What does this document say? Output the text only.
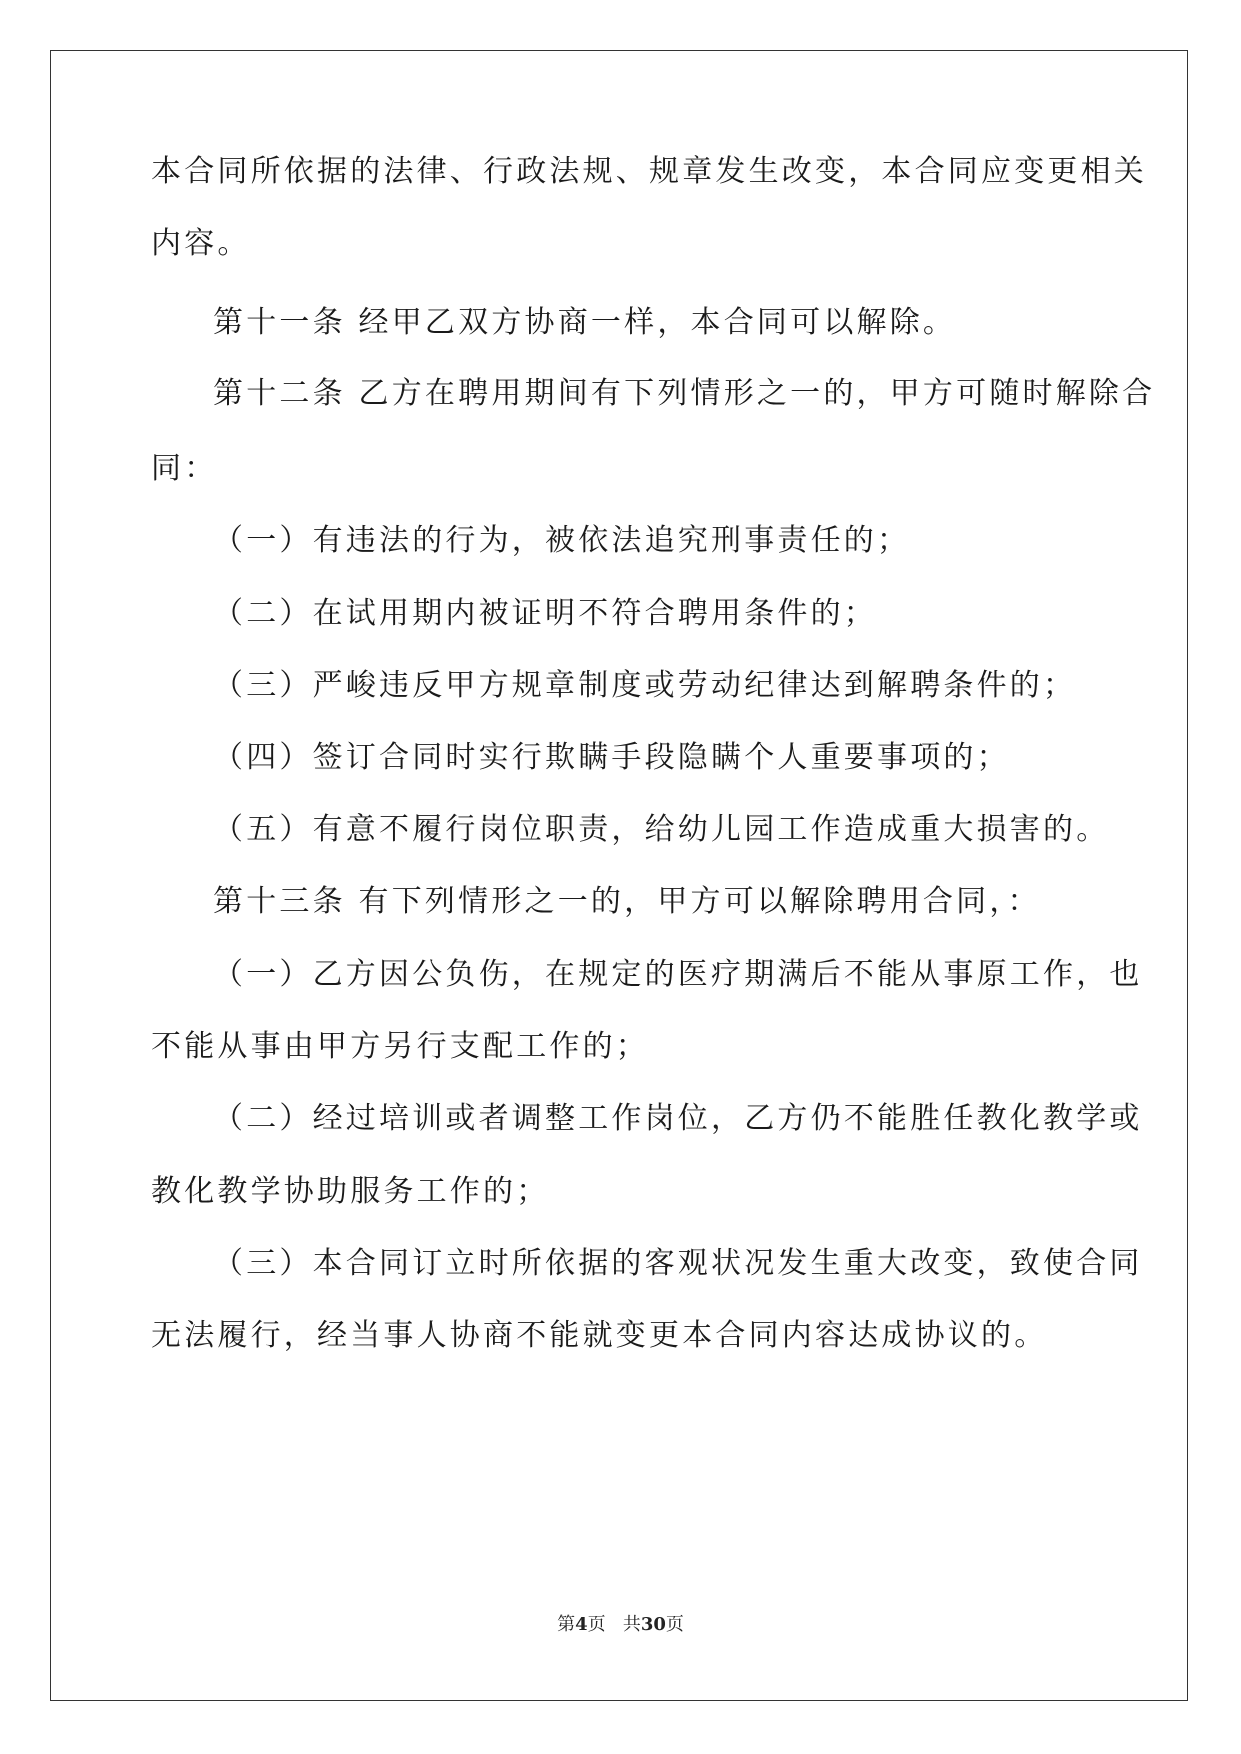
本合同所依据的法律、行政法规、规章发生改变，本合同应变更相关
内容。
第十一条 经甲乙双方协商一样，本合同可以解除。
第十二条 乙方在聘用期间有下列情形之一的，甲方可随时解除合
同：
（一）有违法的行为，被依法追究刑事责任的；
（二）在试用期内被证明不符合聘用条件的；
（三）严峻违反甲方规章制度或劳动纪律达到解聘条件的；
（四）签订合同时实行欺瞒手段隐瞒个人重要事项的；
（五）有意不履行岗位职责，给幼儿园工作造成重大损害的。
第十三条 有下列情形之一的，甲方可以解除聘用合同，：
（一）乙方因公负伤，在规定的医疗期满后不能从事原工作，也
不能从事由甲方另行支配工作的；
（二）经过培训或者调整工作岗位，乙方仍不能胜任教化教学或
教化教学协助服务工作的；
（三）本合同订立时所依据的客观状况发生重大改变，致使合同
无法履行，经当事人协商不能就变更本合同内容达成协议的。
第4页 共30页
